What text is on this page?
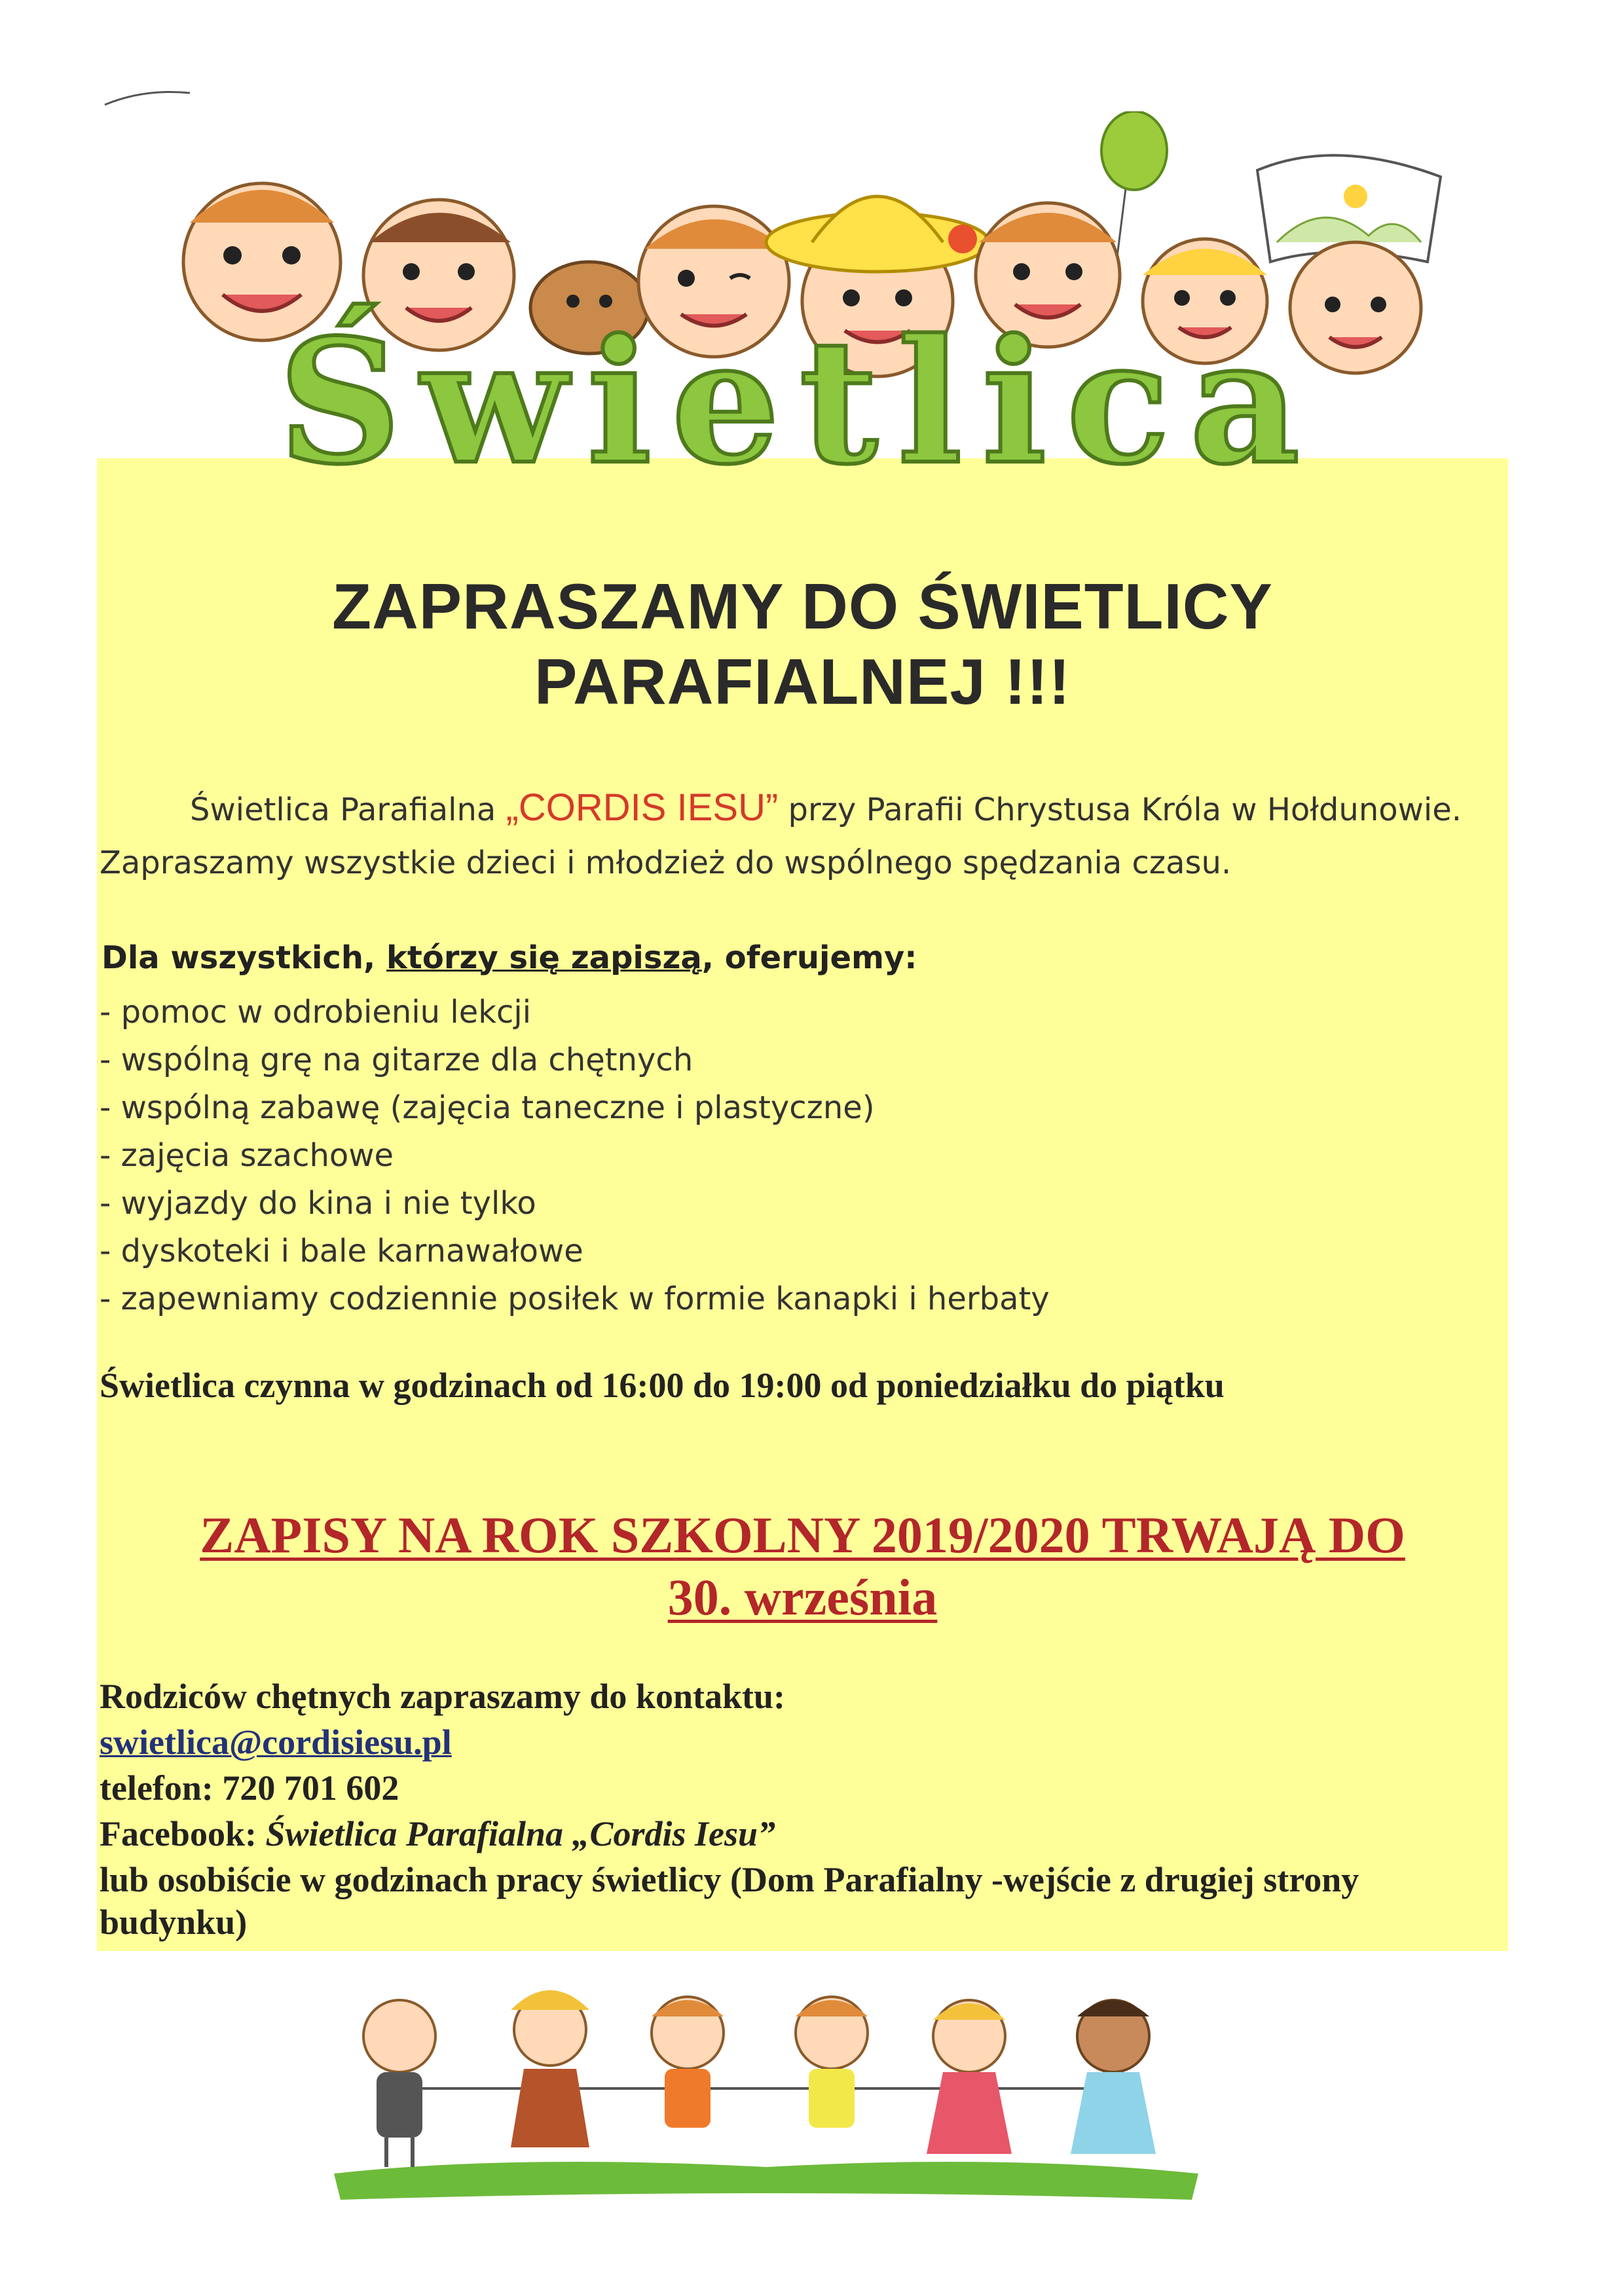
Świetlica
ZAPRASZAMY DO ŚWIETLICY
PARAFIALNEJ !!!
Świetlica Parafialna „CORDIS IESU” przy Parafii Chrystusa Króla w Hołdunowie.
Zapraszamy wszystkie dzieci i młodzież do wspólnego spędzania czasu.
Dla wszystkich, którzy się zapiszą, oferujemy:
- pomoc w odrobieniu lekcji
- wspólną grę na gitarze dla chętnych
- wspólną zabawę (zajęcia taneczne i plastyczne)
- zajęcia szachowe
- wyjazdy do kina i nie tylko
- dyskoteki i bale karnawałowe
- zapewniamy codziennie posiłek w formie kanapki i herbaty
Świetlica czynna w godzinach od 16:00 do 19:00 od poniedziałku do piątku
ZAPISY NA ROK SZKOLNY 2019/2020 TRWAJĄ DO
30. września
Rodziców chętnych zapraszamy do kontaktu:
swietlica@cordisiesu.pl
telefon: 720 701 602
Facebook: Świetlica Parafialna „Cordis Iesu”
lub osobiście w godzinach pracy świetlicy (Dom Parafialny -wejście z drugiej strony
budynku)
